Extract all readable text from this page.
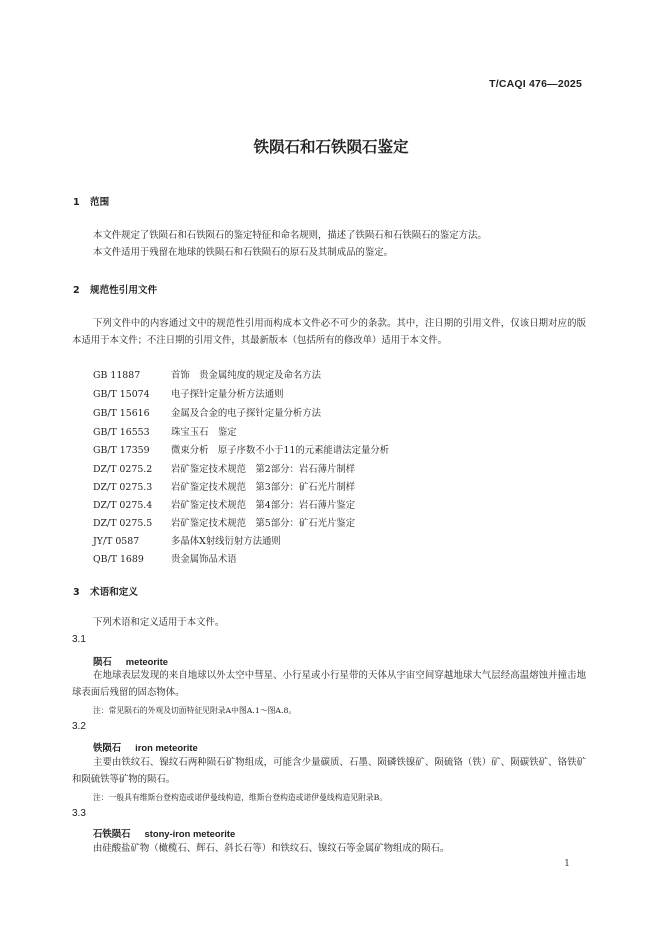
T/CAQI 476—2025
铁陨石和石铁陨石鉴定
1 范围
本文件规定了铁陨石和石铁陨石的鉴定特征和命名规则，描述了铁陨石和石铁陨石的鉴定方法。
本文件适用于残留在地球的铁陨石和石铁陨石的原石及其制成品的鉴定。
2 规范性引用文件
下列文件中的内容通过文中的规范性引用而构成本文件必不可少的条款。其中，注日期的引用文件，仅该日期对应的版本适用于本文件；不注日期的引用文件，其最新版本（包括所有的修改单）适用于本文件。
GB 11887	首饰　贵金属纯度的规定及命名方法
GB/T 15074 电子探针定量分析方法通则
GB/T 15616 金属及合金的电子探针定量分析方法
GB/T 16553 珠宝玉石　鉴定
GB/T 17359 微束分析　原子序数不小于11的元素能谱法定量分析
DZ/T 0275.2 岩矿鉴定技术规范　第2部分：岩石薄片制样
DZ/T 0275.3 岩矿鉴定技术规范　第3部分：矿石光片制样
DZ/T 0275.4 岩矿鉴定技术规范　第4部分：岩石薄片鉴定
DZ/T 0275.5 岩矿鉴定技术规范　第5部分：矿石光片鉴定
JY/T 0587	多晶体X射线衍射方法通则
QB/T 1689	贵金属饰品术语
3 术语和定义
下列术语和定义适用于本文件。
3.1
陨石 meteorite
在地球表层发现的来自地球以外太空中彗星、小行星或小行星带的天体从宇宙空间穿越地球大气层经高温熔蚀并撞击地球表面后残留的固态物体。
注：常见陨石的外观及切面特征见附录A中图A.1～图A.8。
3.2
铁陨石 iron meteorite
主要由铁纹石、镍纹石两种陨石矿物组成，可能含少量碳质、石墨、陨磷铁镍矿、陨硫铬（铁）矿、陨碳铁矿、铬铁矿和陨硫铁等矿物的陨石。
注：一般具有维斯台登构造或诺伊曼线构造，维斯台登构造或诺伊曼线构造见附录B。
3.3
石铁陨石 stony-iron meteorite
由硅酸盐矿物（橄榄石、辉石、斜长石等）和铁纹石、镍纹石等金属矿物组成的陨石。
1
